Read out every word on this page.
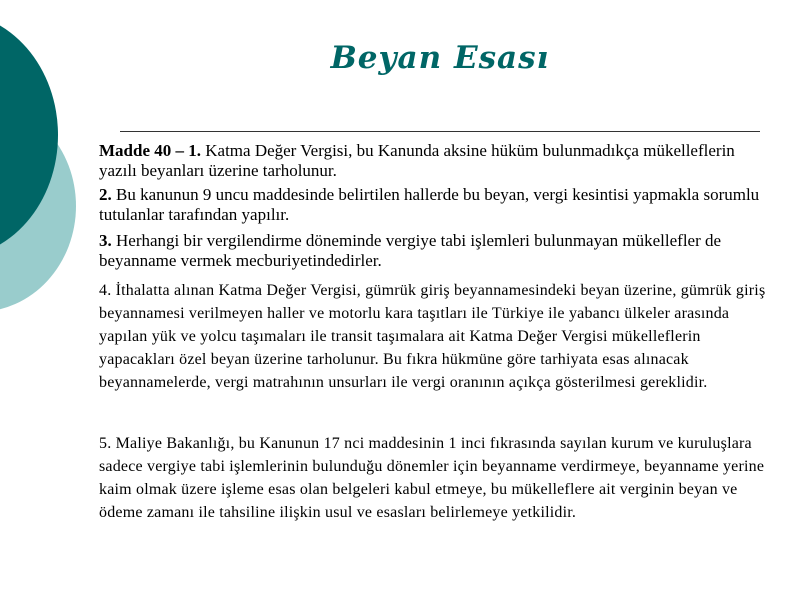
Beyan Esası
Madde 40 – 1. Katma Değer Vergisi, bu Kanunda aksine hüküm bulunmadıkça mükelleflerin yazılı beyanları üzerine tarholunur.
2. Bu kanunun 9 uncu maddesinde belirtilen hallerde bu beyan, vergi kesintisi yapmakla sorumlu tutulanlar tarafından yapılır.
3. Herhangi bir vergilendirme döneminde vergiye tabi işlemleri bulunmayan mükellefler de beyanname vermek mecburiyetindedirler.
4. İthalatta alınan Katma Değer Vergisi, gümrük giriş beyannamesindeki beyan üzerine, gümrük giriş beyannamesi verilmeyen haller ve motorlu kara taşıtları ile Türkiye ile yabancı ülkeler arasında yapılan yük ve yolcu taşımaları ile transit taşımalara ait Katma Değer Vergisi mükelleflerin yapacakları özel beyan üzerine tarholunur. Bu fıkra hükmüne göre tarhiyata esas alınacak beyannamelerde, vergi matrahının unsurları ile vergi oranının açıkça gösterilmesi gereklidir.
5. Maliye Bakanlığı, bu Kanunun 17 nci maddesinin 1 inci fıkrasında sayılan kurum ve kuruluşlara sadece vergiye tabi işlemlerinin bulunduğu dönemler için beyanname verdirmeye, beyanname yerine kaim olmak üzere işleme esas olan belgeleri kabul etmeye, bu mükelleflere ait verginin beyan ve ödeme zamanı ile tahsiline ilişkin usul ve esasları belirlemeye yetkilidir.
